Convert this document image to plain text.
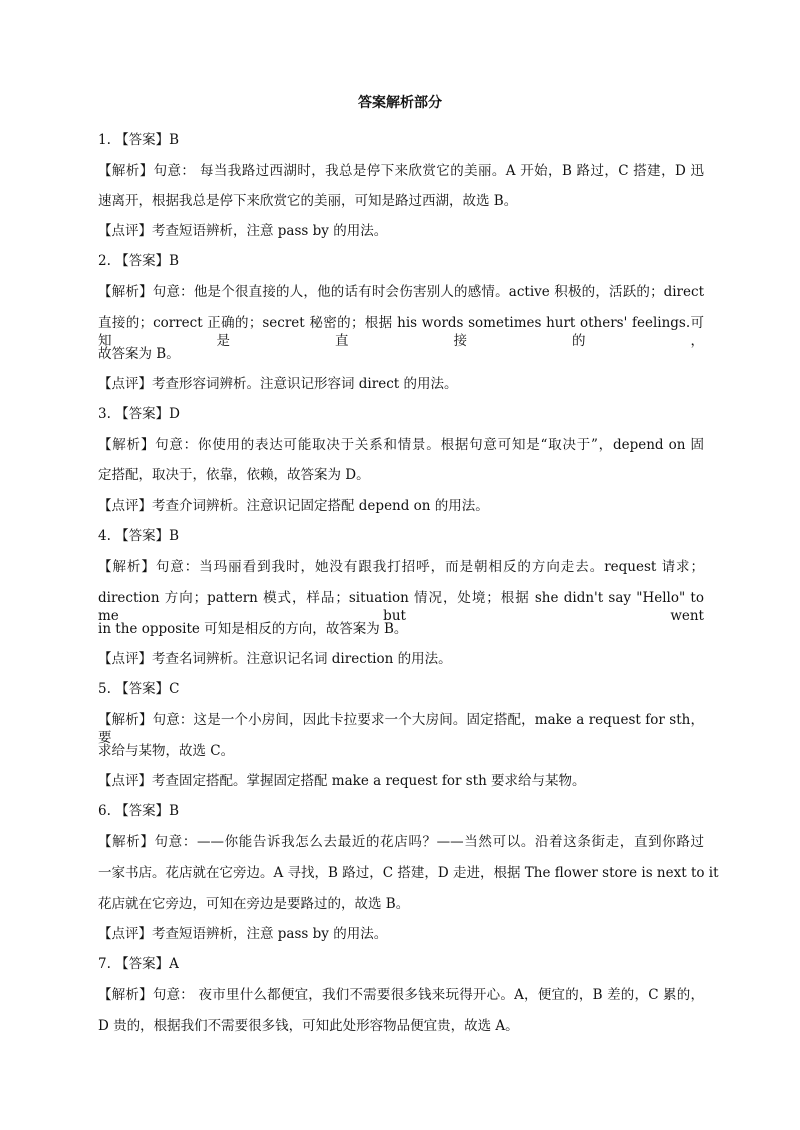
答案解析部分
1. 【答案】B
【解析】句意： 每当我路过西湖时，我总是停下来欣赏它的美丽。A 开始，B 路过，C 搭建，D 迅
速离开，根据我总是停下来欣赏它的美丽，可知是路过西湖，故选 B。
【点评】考查短语辨析，注意 pass by 的用法。
2. 【答案】B
【解析】句意：他是个很直接的人，他的话有时会伤害别人的感情。active 积极的，活跃的；direct
直接的；correct 正确的；secret 秘密的；根据 his words sometimes hurt others' feelings.可知是直接的，
故答案为 B。
【点评】考查形容词辨析。注意识记形容词 direct 的用法。
3. 【答案】D
【解析】句意：你使用的表达可能取决于关系和情景。根据句意可知是“取决于”，depend on 固
定搭配，取决于，依靠，依赖，故答案为 D。
【点评】考查介词辨析。注意识记固定搭配 depend on 的用法。
4. 【答案】B
【解析】句意：当玛丽看到我时，她没有跟我打招呼，而是朝相反的方向走去。request 请求；
direction 方向；pattern 模式，样品；situation 情况，处境；根据 she didn't say "Hello" to me but went
in the opposite 可知是相反的方向，故答案为 B。
【点评】考查名词辨析。注意识记名词 direction 的用法。
5. 【答案】C
【解析】句意：这是一个小房间，因此卡拉要求一个大房间。固定搭配，make a request for sth，要
求给与某物，故选 C。
【点评】考查固定搭配。掌握固定搭配 make a request for sth 要求给与某物。
6. 【答案】B
【解析】句意：——你能告诉我怎么去最近的花店吗？——当然可以。沿着这条街走，直到你路过
一家书店。花店就在它旁边。A 寻找，B 路过，C 搭建，D 走进，根据 The flower store is next to it
花店就在它旁边，可知在旁边是要路过的，故选 B。
【点评】考查短语辨析，注意 pass by 的用法。
7. 【答案】A
【解析】句意： 夜市里什么都便宜，我们不需要很多钱来玩得开心。A，便宜的，B 差的，C 累的，
D 贵的，根据我们不需要很多钱，可知此处形容物品便宜贵，故选 A。
